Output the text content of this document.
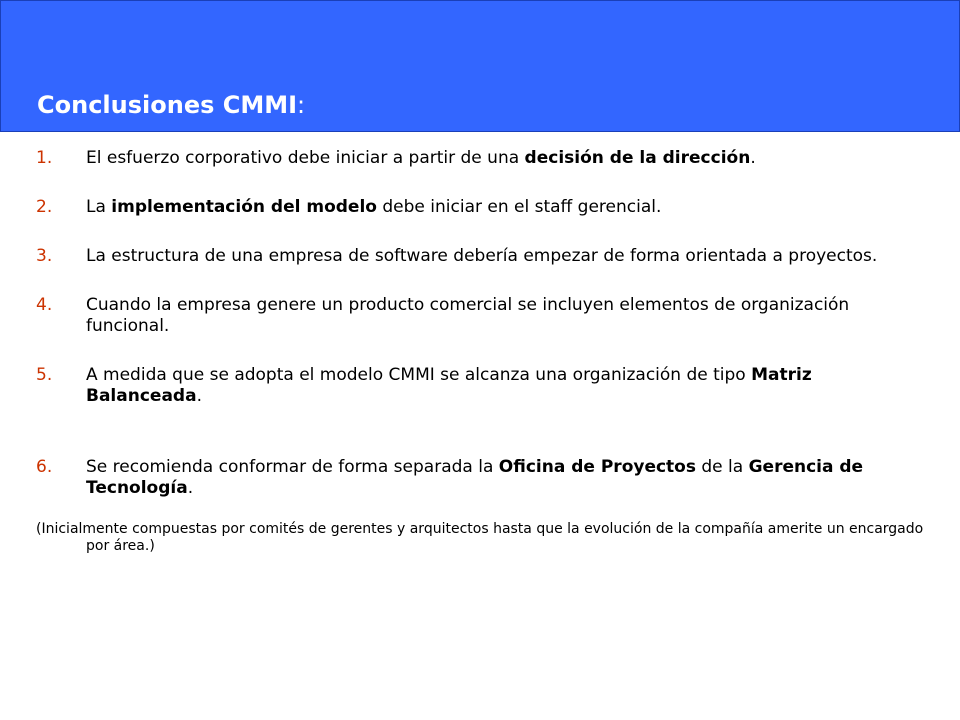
Conclusiones CMMI:
1. El esfuerzo corporativo debe iniciar a partir de una decisión de la dirección.
2. La implementación del modelo debe iniciar en el staff gerencial.
3. La estructura de una empresa de software debería empezar de forma orientada a proyectos.
4. Cuando la empresa genere un producto comercial se incluyen elementos de organización funcional.
5. A medida que se adopta el modelo CMMI se alcanza una organización de tipo Matriz Balanceada.
6. Se recomienda conformar de forma separada la Oficina de Proyectos de la Gerencia de Tecnología.

(Inicialmente compuestas por comités de gerentes y arquitectos hasta que la evolución de la compañía amerite un encargado por área.)
